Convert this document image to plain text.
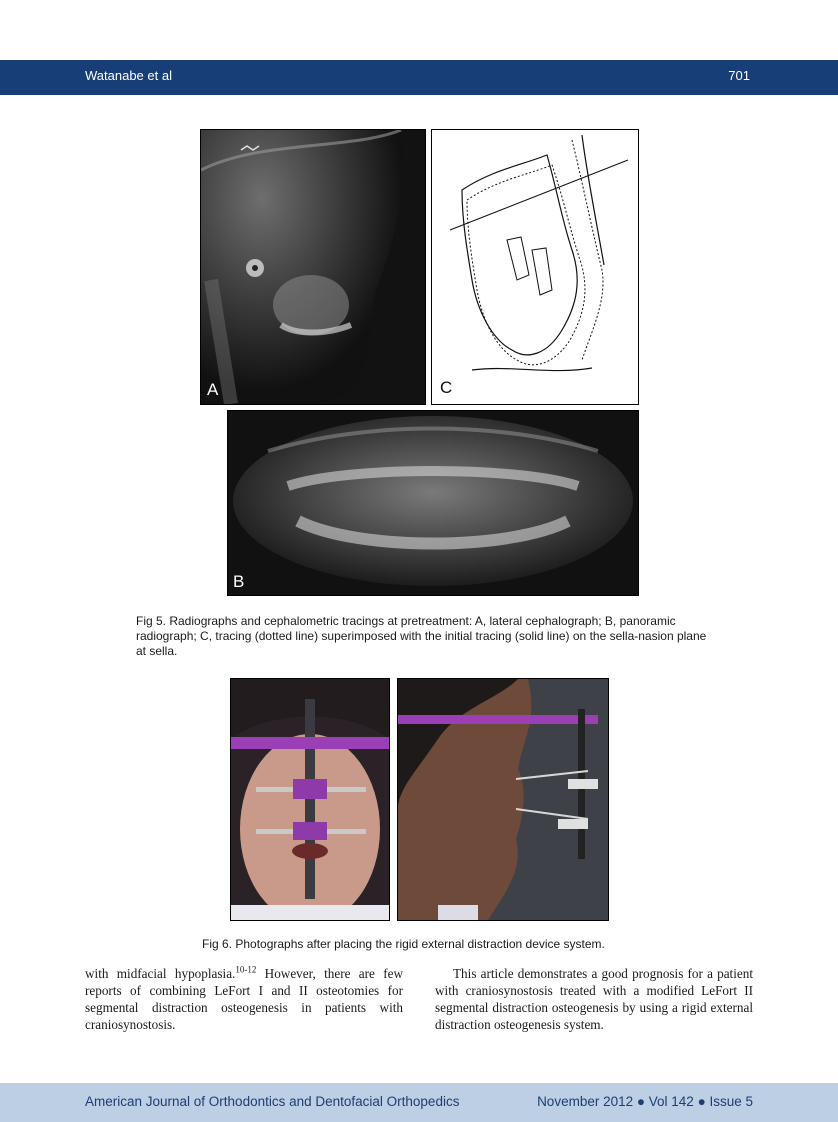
Watanabe et al	701
A	C
B
Fig 5. Radiographs and cephalometric tracings at pretreatment: A, lateral cephalograph; B, panoramic radiograph; C, tracing (dotted line) superimposed with the initial tracing (solid line) on the sella-nasion plane at sella.
Fig 6. Photographs after placing the rigid external distraction device system.
with midfacial hypoplasia.$^{10-12}$ However, there are few reports of combining LeFort I and II osteotomies for segmental distraction osteogenesis in patients with craniosynostosis.
This article demonstrates a good prognosis for a patient with craniosynostosis treated with a modified LeFort II segmental distraction osteogenesis by using a rigid external distraction osteogenesis system.
American Journal of Orthodontics and Dentofacial Orthopedics	November 2012 ● Vol 142 ● Issue 5
